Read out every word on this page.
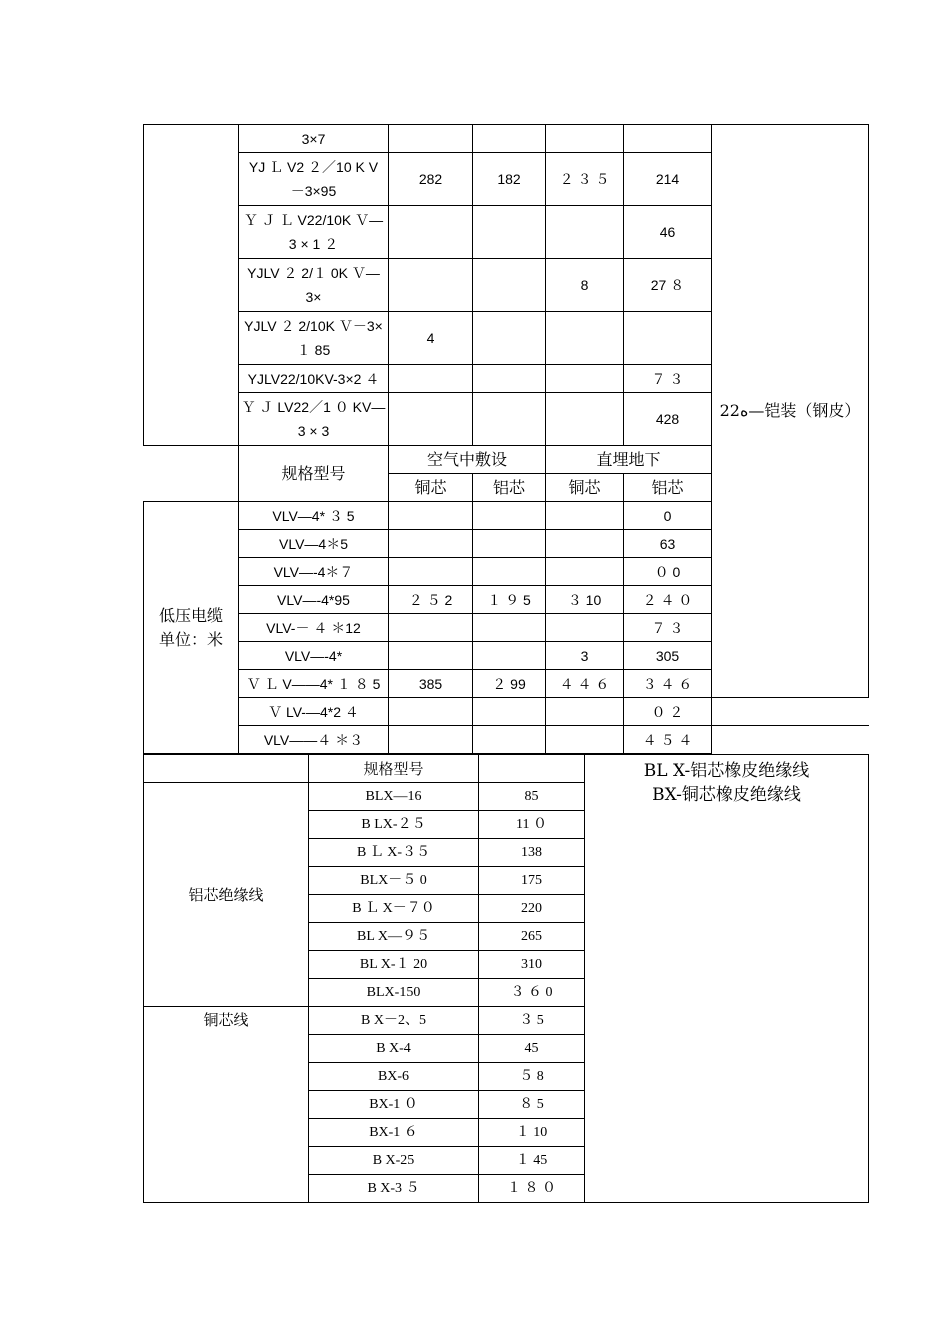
	3×7					22ە—铠装（钢皮）

	YJ Ｌ V2 ２／10 K V
－3×95	282	182	２ ３ ５	214	

	Ｙ Ｊ Ｌ V22/10K Ｖ—
3 × 1 ２				46	

	YJLV ２ 2/１ 0K Ｖ—
3×			8	27 ８	

	YJLV ２ 2/10K Ｖ－3×
１ 85	4				

	YJLV22/10KV-3×2 ４				７ ３	

	Ｙ Ｊ LV22／1 ０ KV—
3 × 3				428	
	规格型号	空气中敷设		直埋地下		
		铜芯	铝芯	铜芯	铝芯	

低压电缆
单位：米	VLV—4* ３ 5				0	
	VLV—4＊5				63	
	VLV—-4＊７				０ 0	
	VLV—-4*95	２ ５ 2	１ ９ 5	３ 10	２ ４ ０	
	VLV-－ ４ ＊12				７ ３	
	VLV—-4*			3	305	
	Ｖ Ｌ V——4* １ ８ 5	385	２ 99	４ ４ ６	３ ４ ６	
	Ｖ LV-—4*2 ４				０ ２	
	VLV——４ ＊３				４ ５ ４	
	规格型号		BL X-铝芯橡皮绝缘线
BX-铜芯橡皮绝缘线

铝芯绝缘线	BLX—16	85	
	B LX-２５	11 ０	
	B Ｌ X-３５	138	
	BLX－５ 0	175	
	B Ｌ X－７０	220	
	BL X—９５	265	
	BL X-１ 20	310	
	BLX-150	３ ６ 0	
铜芯线	B X－2、5	３ 5	
	B X-4	45	
	BX-6	５ 8	
	BX-1 ０	８ 5	
	BX-1 ６	１ 10	
	B X-25	１ 45	
	B X-3 ５	１ ８ ０	
